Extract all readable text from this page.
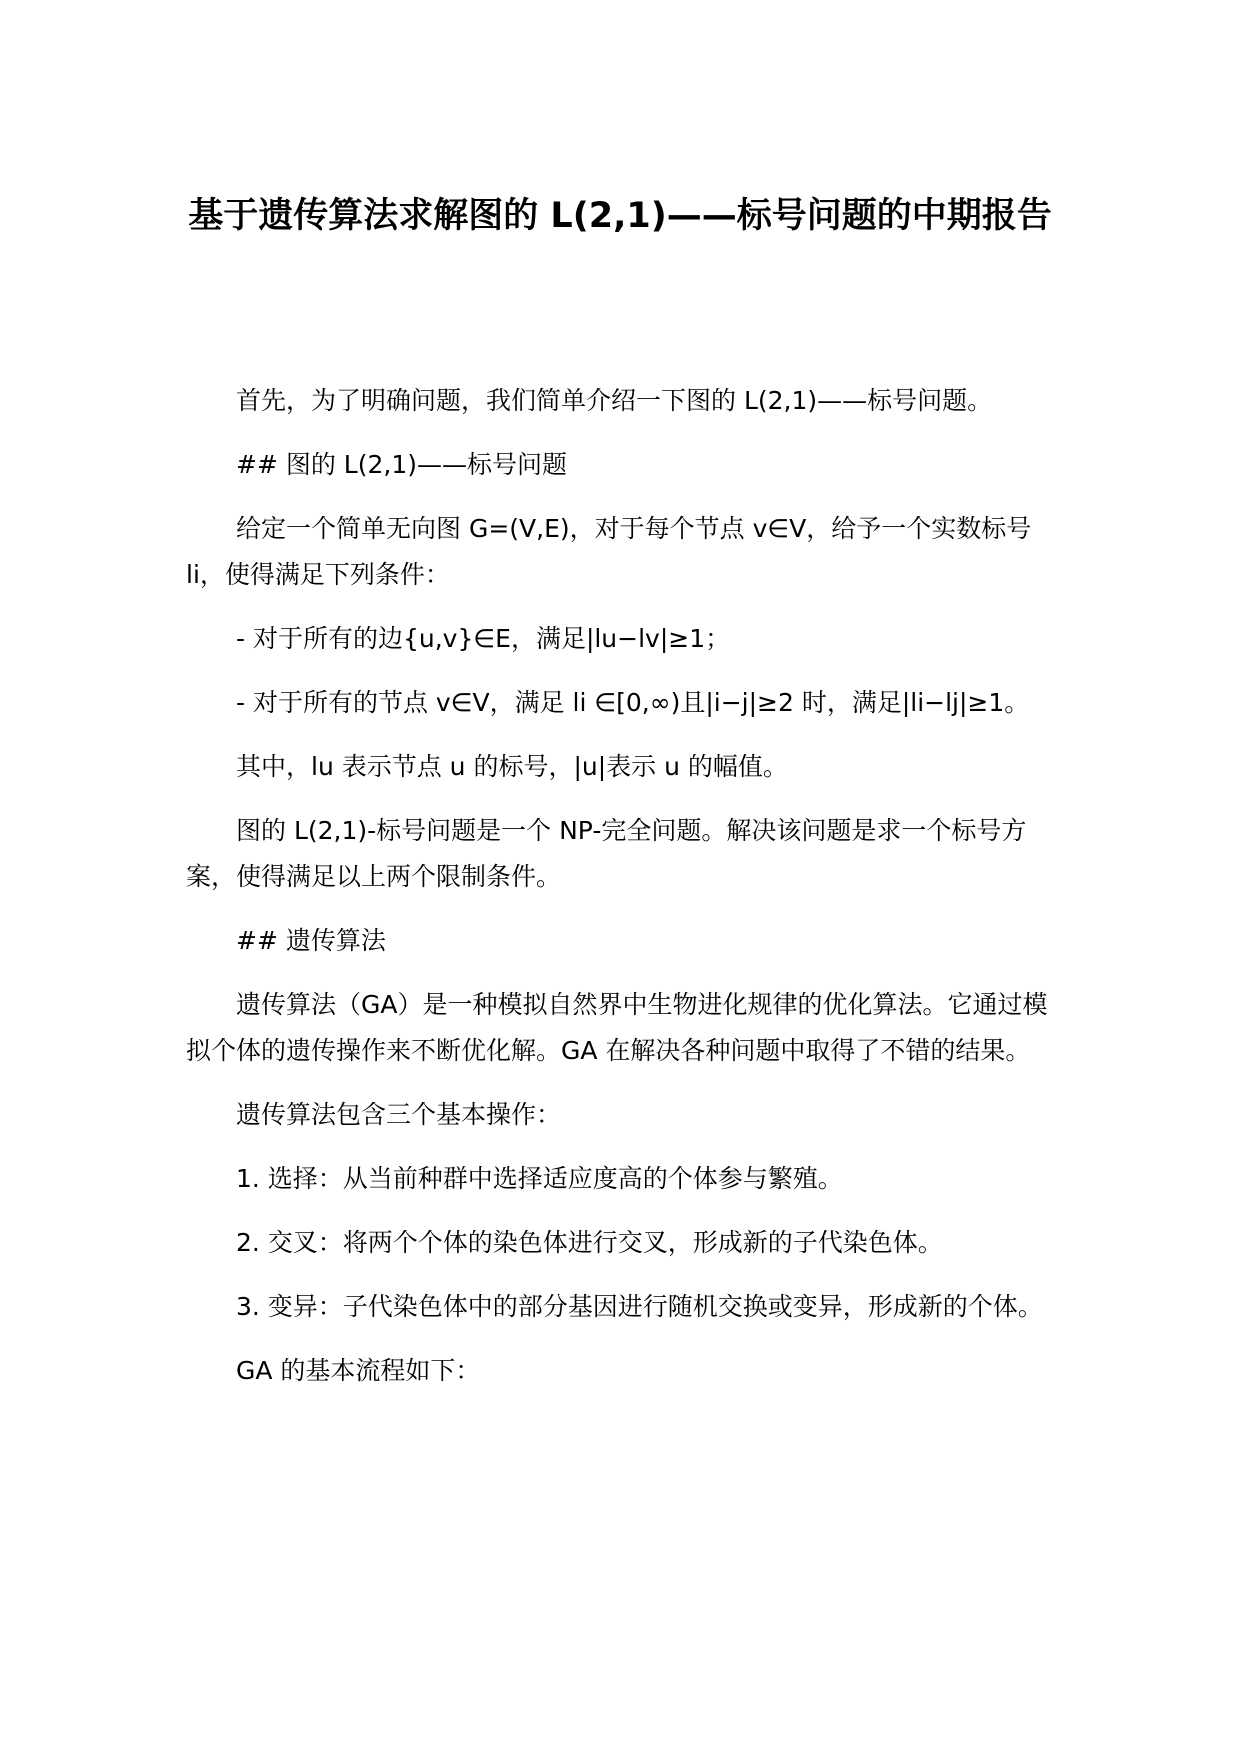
基于遗传算法求解图的 L(2,1)——标号问题的中期报告

首先，为了明确问题，我们简单介绍一下图的 L(2,1)——标号问题。

## 图的 L(2,1)——标号问题

给定一个简单无向图 G=(V,E)，对于每个节点 v∈V，给予一个实数标号 li，使得满足下列条件：

- 对于所有的边{u,v}∈E，满足|lu−lv|≥1；

- 对于所有的节点 v∈V，满足 li ∈[0,∞)且|i−j|≥2 时，满足|li−lj|≥1。

其中，lu 表示节点 u 的标号，|u|表示 u 的幅值。

图的 L(2,1)-标号问题是一个 NP-完全问题。解决该问题是求一个标号方案，使得满足以上两个限制条件。

## 遗传算法

遗传算法（GA）是一种模拟自然界中生物进化规律的优化算法。它通过模拟个体的遗传操作来不断优化解。GA 在解决各种问题中取得了不错的结果。

遗传算法包含三个基本操作：

1. 选择：从当前种群中选择适应度高的个体参与繁殖。

2. 交叉：将两个个体的染色体进行交叉，形成新的子代染色体。

3. 变异：子代染色体中的部分基因进行随机交换或变异，形成新的个体。

GA 的基本流程如下：
